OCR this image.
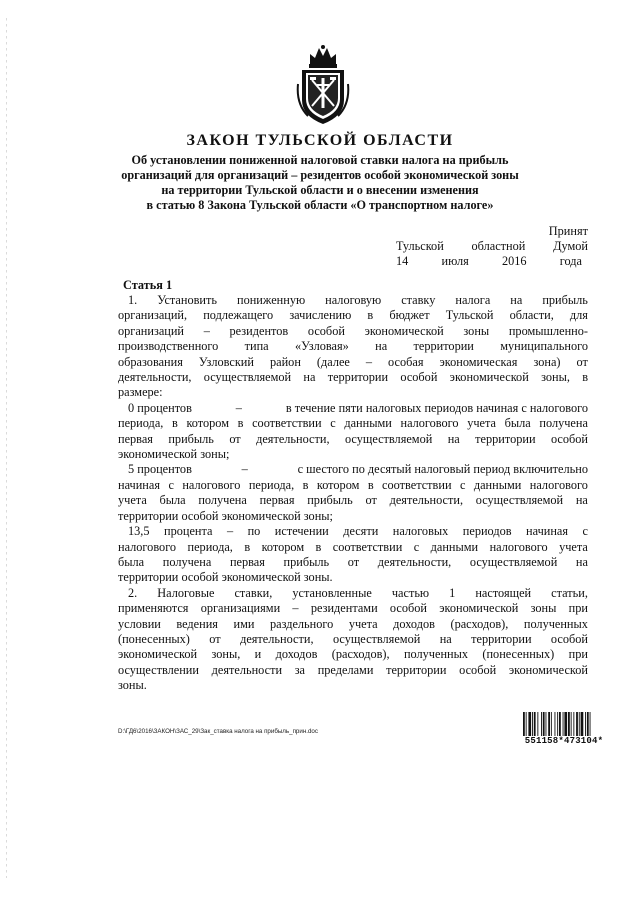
ЗАКОН ТУЛЬСКОЙ ОБЛАСТИ
Об установлении пониженной налоговой ставки налога на прибыль
организаций для организаций – резидентов особой экономической зоны
на территории Тульской области и о внесении изменения
в статью 8 Закона Тульской области «О транспортном налоге»
Принят
Тульской областной Думой
14	июля	2016	года
Статья 1
1. Установить пониженную налоговую ставку налога на прибыль
организаций, подлежащего зачислению в бюджет Тульской области, для
организаций – резидентов особой экономической зоны промышленно-
производственного типа «Узловая» на территории муниципального
образования Узловский район (далее – особая экономическая зона) от
деятельности, осуществляемой на территории особой экономической зоны, в
размере:
0 процентов	–	в течение пяти налоговых периодов начиная с налогового
периода, в котором в соответствии с данными налогового учета была получена
первая прибыль от деятельности, осуществляемой на территории особой
экономической зоны;
5 процентов	–	с шестого по десятый налоговый период включительно
начиная с налогового периода, в котором в соответствии с данными налогового
учета была получена первая прибыль от деятельности, осуществляемой на
территории особой экономической зоны;
13,5 процента – по истечении десяти налоговых периодов начиная с
налогового периода, в котором в соответствии с данными налогового учета
была получена первая прибыль от деятельности, осуществляемой на
территории особой экономической зоны.
2. Налоговые ставки, установленные частью 1 настоящей статьи,
применяются организациями – резидентами особой экономической зоны при
условии ведения ими раздельного учета доходов (расходов), полученных
(понесенных) от деятельности, осуществляемой на территории особой
экономической зоны, и доходов (расходов), полученных (понесенных) при
осуществлении деятельности за пределами территории особой экономической
зоны.
D:\ГД6\2016\ЗАКОН\ЗАС_29\Зак_ставка налога на прибыль_прин.doc
551158*473104*
